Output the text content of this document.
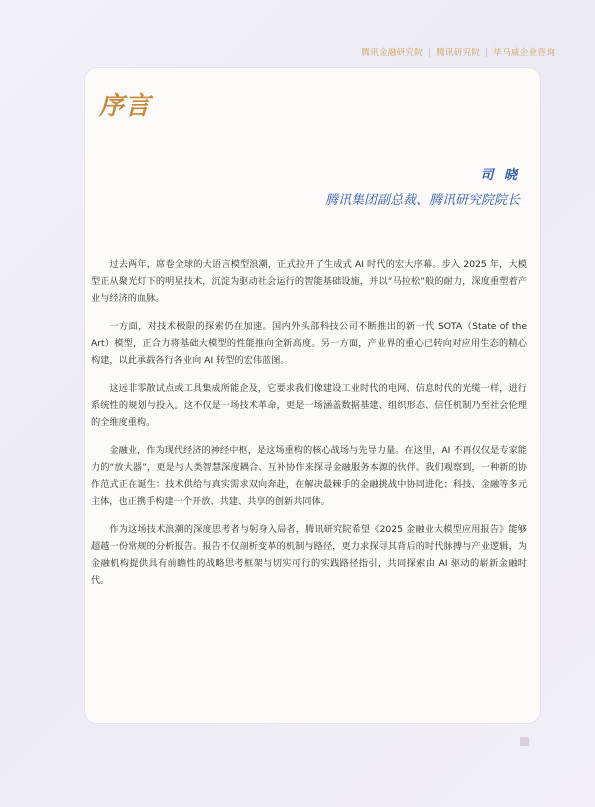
腾讯金融研究院 | 腾讯研究院 | 毕马威企业咨询
序言
司 晓
腾讯集团副总裁、腾讯研究院院长

过去两年，席卷全球的大语言模型浪潮，正式拉开了生成式 AI 时代的宏大序幕。步入 2025 年，大模型正从聚光灯下的明星技术，沉淀为驱动社会运行的智能基础设施，并以“马拉松”般的耐力，深度重塑着产业与经济的血脉。

一方面，对技术极限的探索仍在加速。国内外头部科技公司不断推出的新一代 SOTA（State of the Art）模型，正合力将基础大模型的性能推向全新高度。另一方面，产业界的重心已转向对应用生态的精心构建，以此承载各行各业向 AI 转型的宏伟蓝图。

这远非零散试点或工具集成所能企及，它要求我们像建设工业时代的电网、信息时代的光缆一样，进行系统性的规划与投入。这不仅是一场技术革命，更是一场涵盖数据基建、组织形态、信任机制乃至社会伦理的全维度重构。

金融业，作为现代经济的神经中枢，是这场重构的核心战场与先导力量。在这里，AI 不再仅仅是专家能力的“放大器”，更是与人类智慧深度耦合、互补协作来探寻金融服务本源的伙伴。我们观察到，一种新的协作范式正在诞生：技术供给与真实需求双向奔赴，在解决最棘手的金融挑战中协同进化；科技、金融等多元主体，也正携手构建一个开放、共建、共享的创新共同体。

作为这场技术浪潮的深度思考者与躬身入局者，腾讯研究院希望《2025 金融业大模型应用报告》能够超越一份常规的分析报告。报告不仅剖析变革的机制与路径，更力求探寻其背后的时代脉搏与产业逻辑，为金融机构提供具有前瞻性的战略思考框架与切实可行的实践路径指引，共同探索由 AI 驱动的崭新金融时代。
